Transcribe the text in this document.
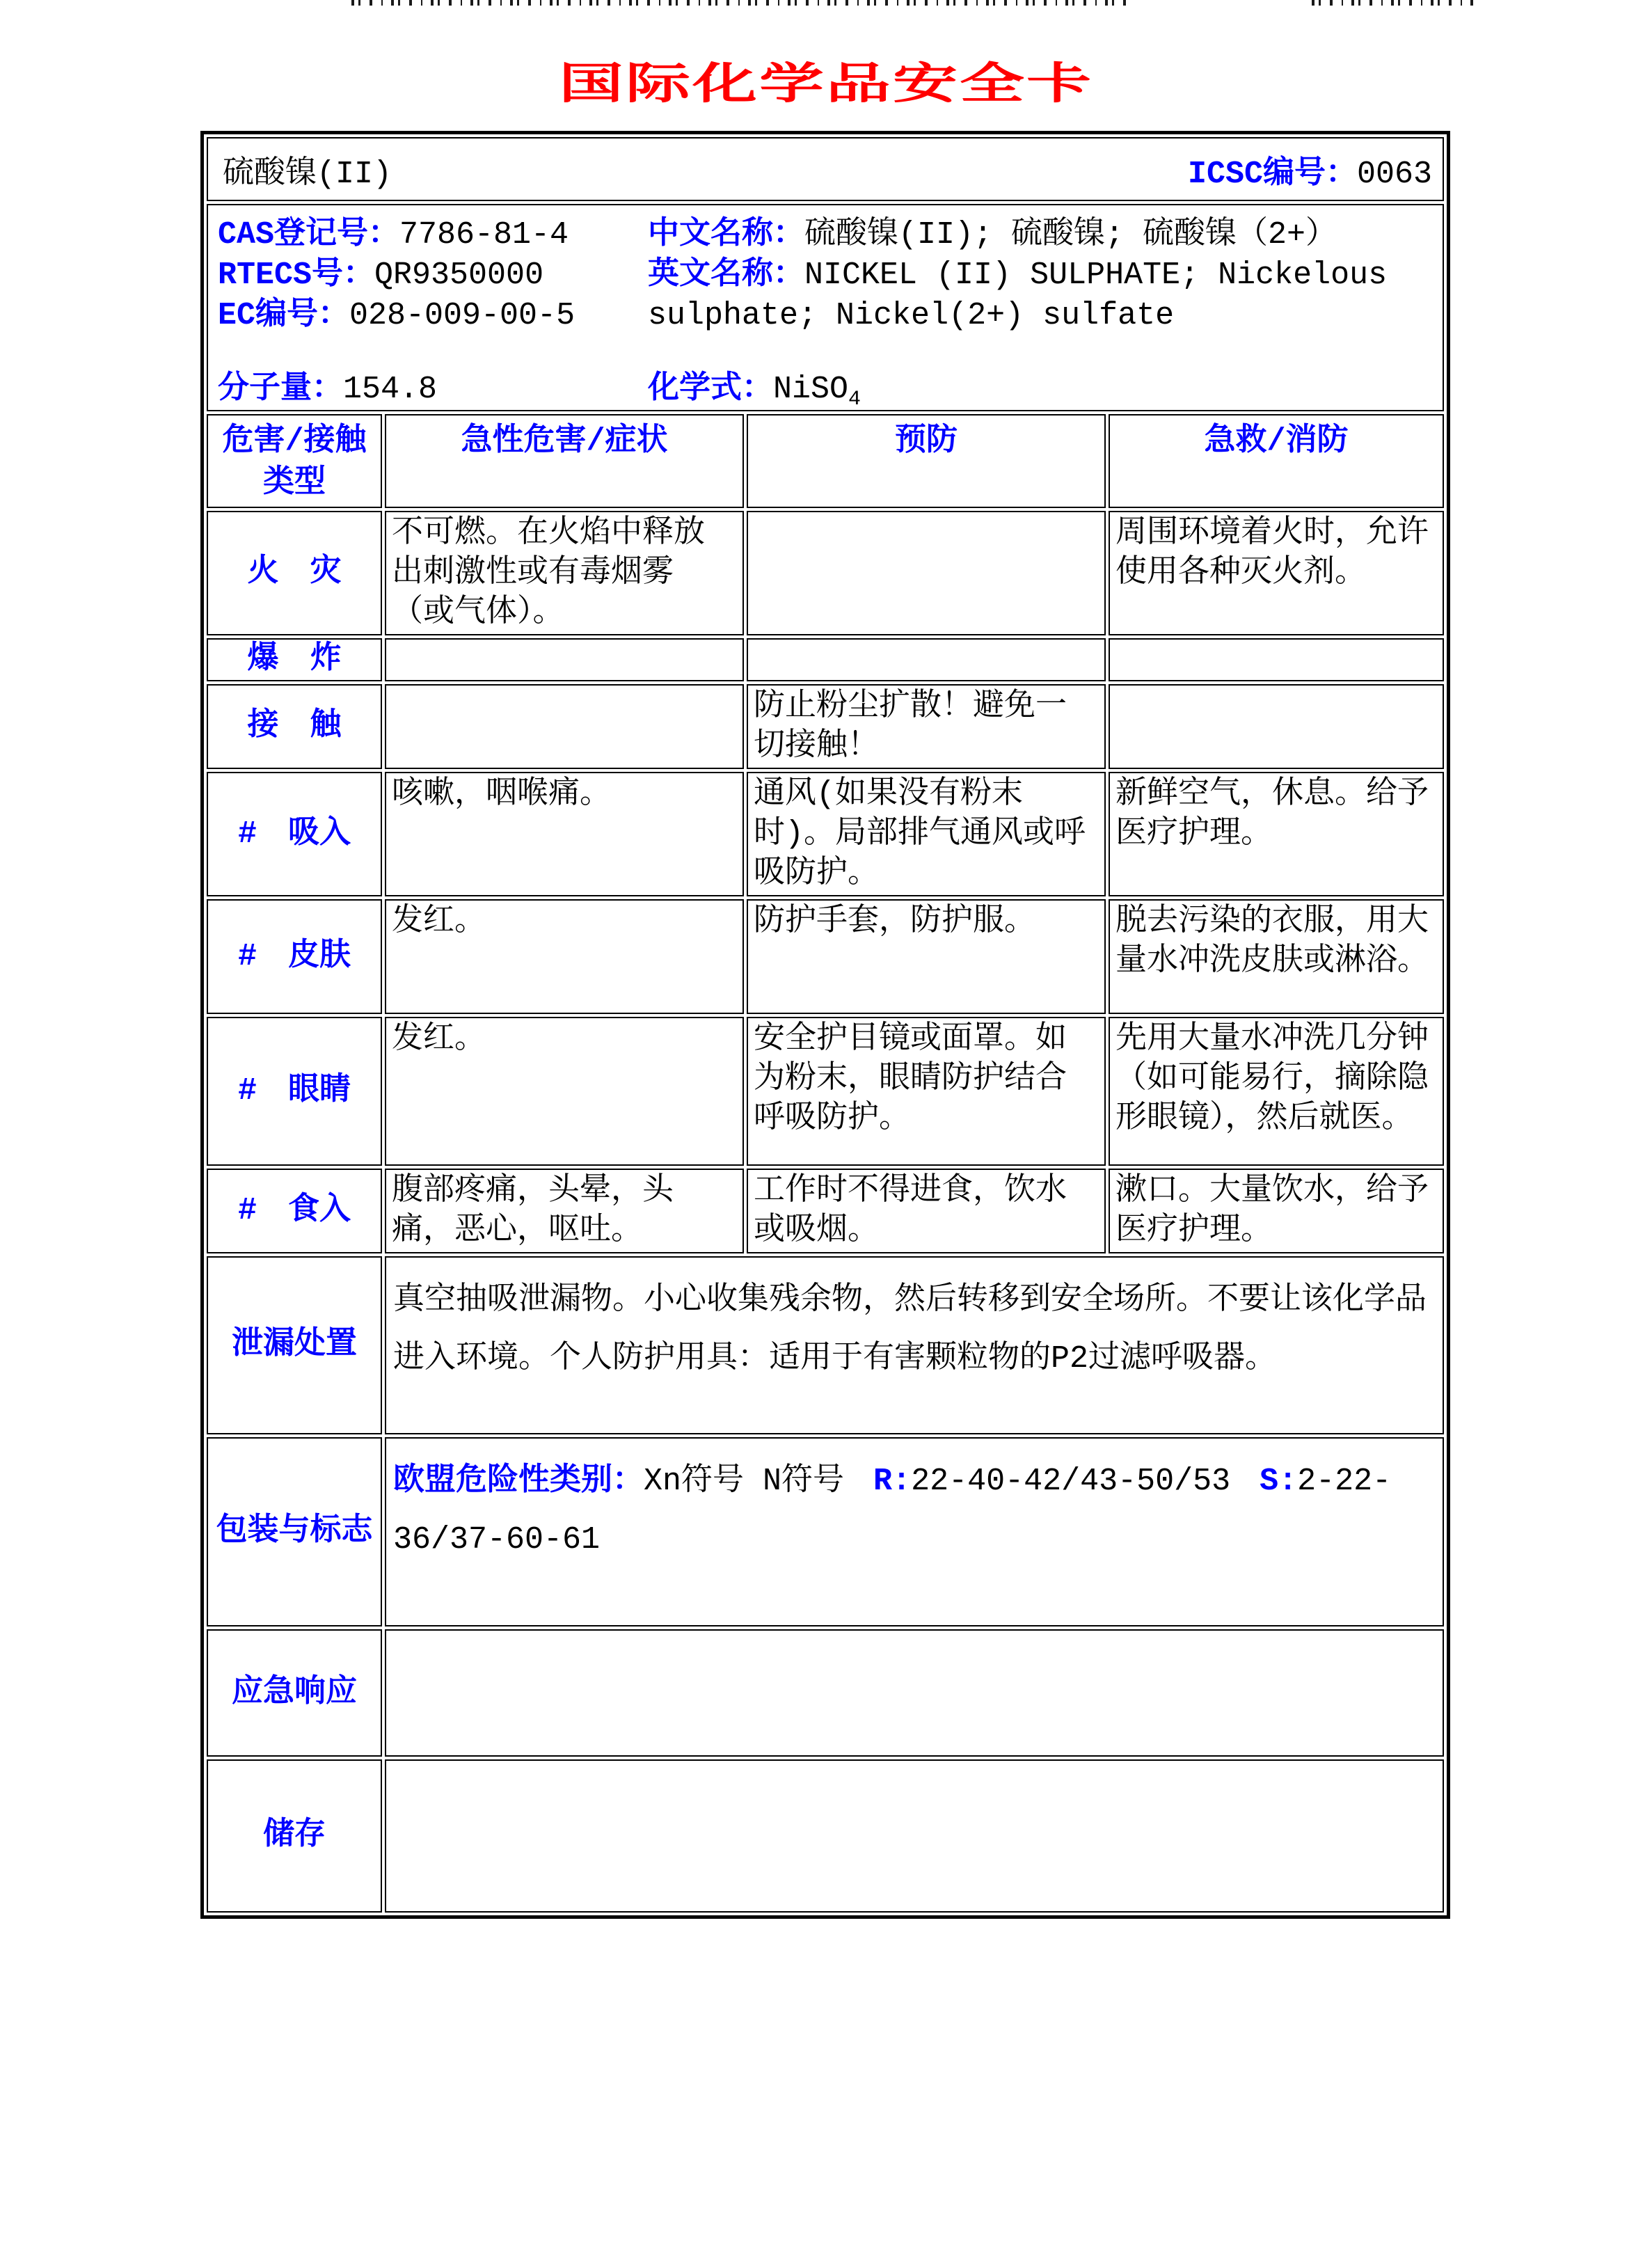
国际化学品安全卡
硫酸镍(II) ICSC编号：0063			

CAS登记号：7786-81-4
RTECS号：QR9350000
EC编号：028-009-00-5
分子量：154.8
中文名称：硫酸镍(II); 硫酸镍; 硫酸镍（2+）
英文名称：NICKEL (II) SULPHATE; Nickelous
sulphate; Nickel(2+) sulfate
化学式：NiSO$_4$

危害/接触类型	急性危害/症状	预防	急救/消防
火　灾	不可燃。在火焰中释放出刺激性或有毒烟雾（或气体）。		周围环境着火时，允许使用各种灭火剂。
爆　炸			
接　触		防止粉尘扩散！避免一切接触！	
#　吸入	咳嗽，咽喉痛。	通风(如果没有粉末时)。局部排气通风或呼吸防护。	新鲜空气，休息。给予医疗护理。
#　皮肤	发红。	防护手套，防护服。	脱去污染的衣服，用大量水冲洗皮肤或淋浴。
#　眼睛	发红。	安全护目镜或面罩。如为粉末，眼睛防护结合呼吸防护。	先用大量水冲洗几分钟（如可能易行，摘除隐形眼镜），然后就医。
#　食入	腹部疼痛，头晕，头痛，恶心，呕吐。	工作时不得进食，饮水或吸烟。	漱口。大量饮水，给予医疗护理。
泄漏处置	真空抽吸泄漏物。小心收集残余物，然后转移到安全场所。不要让该化学品进入环境。个人防护用具：适用于有害颗粒物的P2过滤呼吸器。		
包装与标志	欧盟危险性类别：Xn符号 N符号 R:22-40-42/43-50/53 S:2-22-
36/37-60-61		

应急响应			
储存			
